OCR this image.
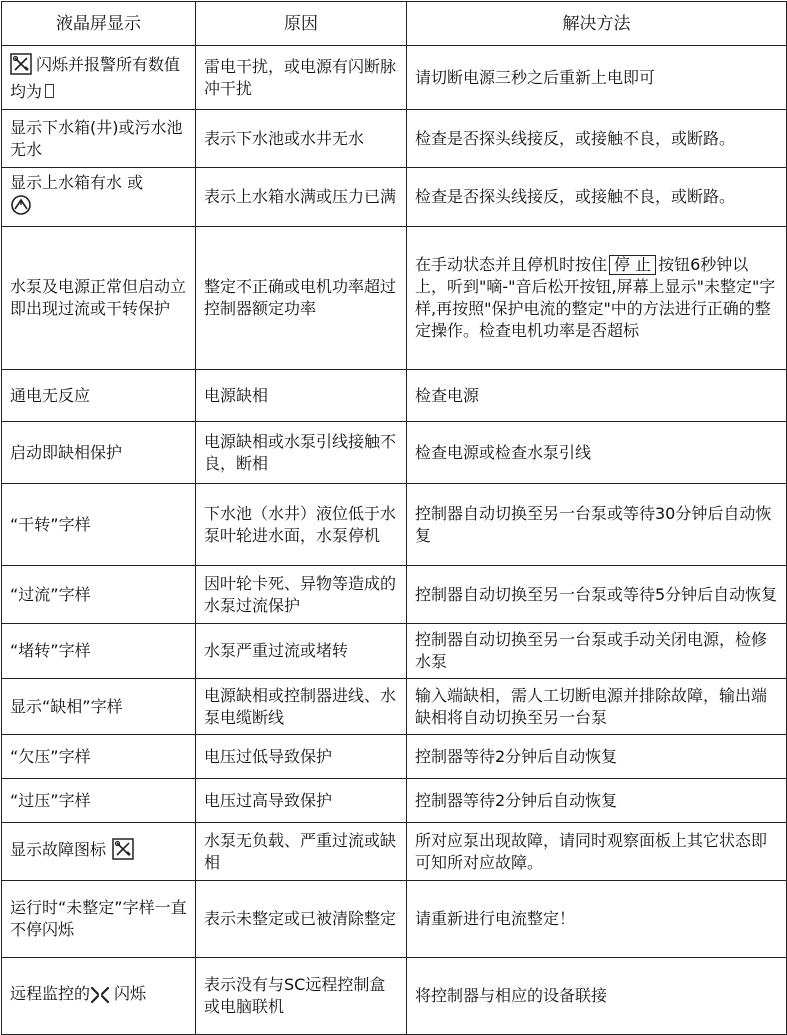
液晶屏显示	原因	解决方法
闪烁并报警所有数值均为	雷电干扰，或电源有闪断脉冲干扰	请切断电源三秒之后重新上电即可
显示下水箱(井)或污水池无水	表示下水池或水井无水	检查是否探头线接反，或接触不良，或断路。
显示上水箱有水 或	表示上水箱水满或压力已满	检查是否探头线接反，或接触不良，或断路。
水泵及电源正常但启动立即出现过流或干转保护	整定不正确或电机功率超过控制器额定功率	在手动状态并且停机时按住 停 止 按钮6秒钟以上，听到"嘀-"音后松开按钮,屏幕上显示"未整定"字样,再按照"保护电流的整定"中的方法进行正确的整定操作。检查电机功率是否超标
通电无反应	电源缺相	检查电源
启动即缺相保护	电源缺相或水泵引线接触不良，断相	检查电源或检查水泵引线
“干转”字样	下水池（水井）液位低于水泵叶轮进水面，水泵停机	控制器自动切换至另一台泵或等待30分钟后自动恢复
“过流”字样	因叶轮卡死、异物等造成的水泵过流保护	控制器自动切换至另一台泵或等待5分钟后自动恢复
“堵转”字样	水泵严重过流或堵转	控制器自动切换至另一台泵或手动关闭电源，检修水泵
显示“缺相”字样	电源缺相或控制器进线、水泵电缆断线	输入端缺相，需人工切断电源并排除故障，输出端缺相将自动切换至另一台泵
“欠压”字样	电压过低导致保护	控制器等待2分钟后自动恢复
“过压”字样	电压过高导致保护	控制器等待2分钟后自动恢复
显示故障图标	水泵无负载、严重过流或缺相	所对应泵出现故障，请同时观察面板上其它状态即可知所对应故障。
运行时“未整定”字样一直不停闪烁	表示未整定或已被清除整定	请重新进行电流整定！
远程监控的 闪烁	表示没有与SC远程控制盒或电脑联机	将控制器与相应的设备联接
